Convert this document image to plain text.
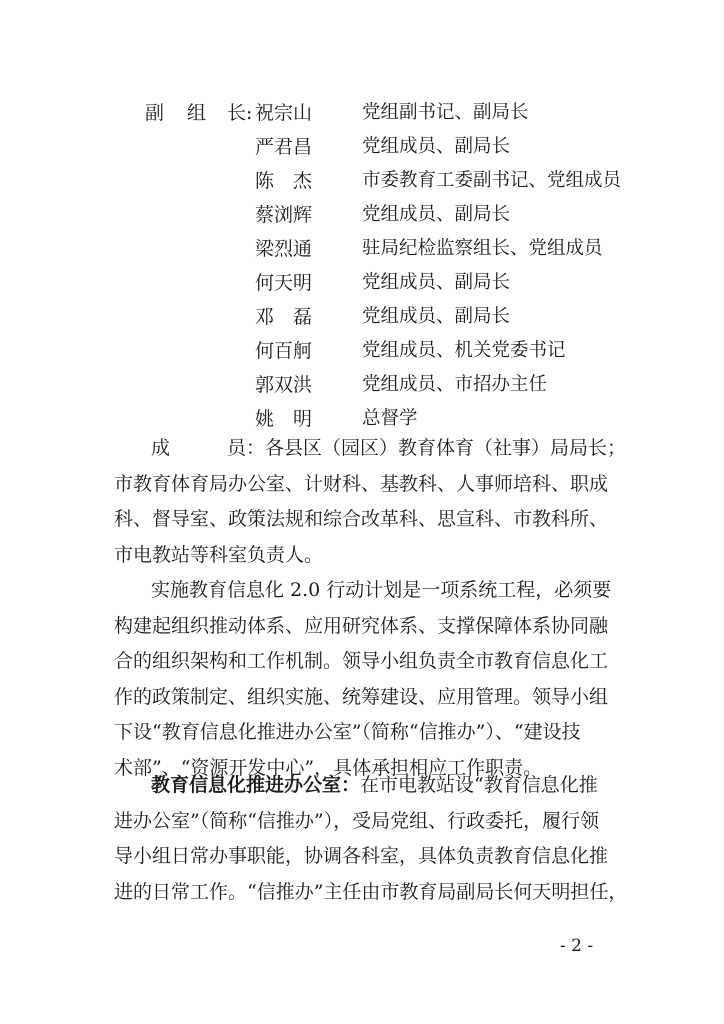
副 组 长: 祝宗山	党组副书记、副局长
严君昌	党组成员、副局长
陈　杰	市委教育工委副书记、党组成员
蔡浏辉	党组成员、副局长
梁烈通	驻局纪检监察组长、党组成员
何天明	党组成员、副局长
邓　磊	党组成员、副局长
何百舸	党组成员、机关党委书记
郭双洪	党组成员、市招办主任
姚　明	总督学
成　　　员：各县区（园区）教育体育（社事）局局长；
市教育体育局办公室、计财科、基教科、人事师培科、职成
科、督导室、政策法规和综合改革科、思宣科、市教科所、
市电教站等科室负责人。
实施教育信息化 2.0 行动计划是一项系统工程，必须要
构建起组织推动体系、应用研究体系、支撑保障体系协同融
合的组织架构和工作机制。领导小组负责全市教育信息化工
作的政策制定、组织实施、统筹建设、应用管理。领导小组
下设“教育信息化推进办公室”（简称“信推办”）、“建设技
术部”、“资源开发中心”，具体承担相应工作职责。
教育信息化推进办公室：在市电教站设“教育信息化推
进办公室”（简称“信推办”），受局党组、行政委托，履行领
导小组日常办事职能，协调各科室，具体负责教育信息化推
进的日常工作。“信推办”主任由市教育局副局长何天明担任，
- 2 -
